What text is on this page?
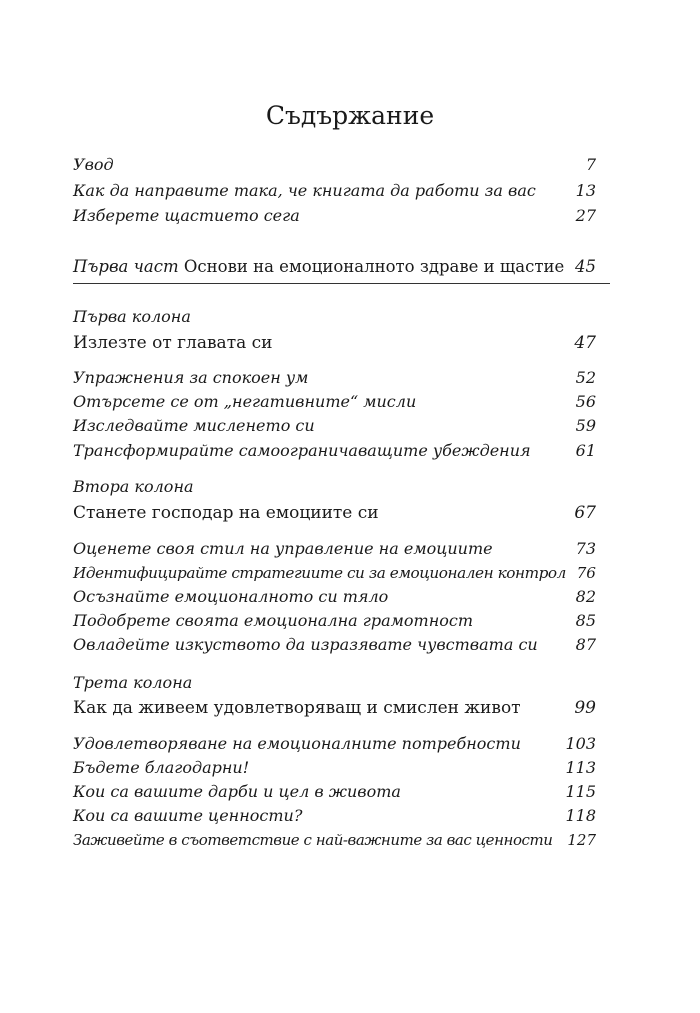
Съдържание
Увод	7
Как да направите така, че книгата да работи за вас 13
Изберете щастието сега	27
Първа част Основи на емоционалното здраве и щастие 45
Първа колона
Излезте от главата си	47
Упражнения за спокоен ум	52
Отърсете се от „негативните“ мисли	56
Изследвайте мисленето си	59
Трансформирайте самоограничаващите убеждения	61
Втора колона
Станете господар на емоциите си	67
Оценете своя стил на управление на емоциите	73
Идентифицирайте стратегиите си за емоционален контрол 76
Осъзнайте емоционалното си тяло	82
Подобрете своята емоционална грамотност	85
Овладейте изкуството да изразявате чувствата си 87
Трета колона
Как да живеем удовлетворяващ и смислен живот	99
Удовлетворяване на емоционалните потребности	103
Бъдете благодарни!	113
Кои са вашите дарби и цел в живота	115
Кои са вашите ценности?	118
Заживейте в съответствие с най-важните за вас ценности 127
